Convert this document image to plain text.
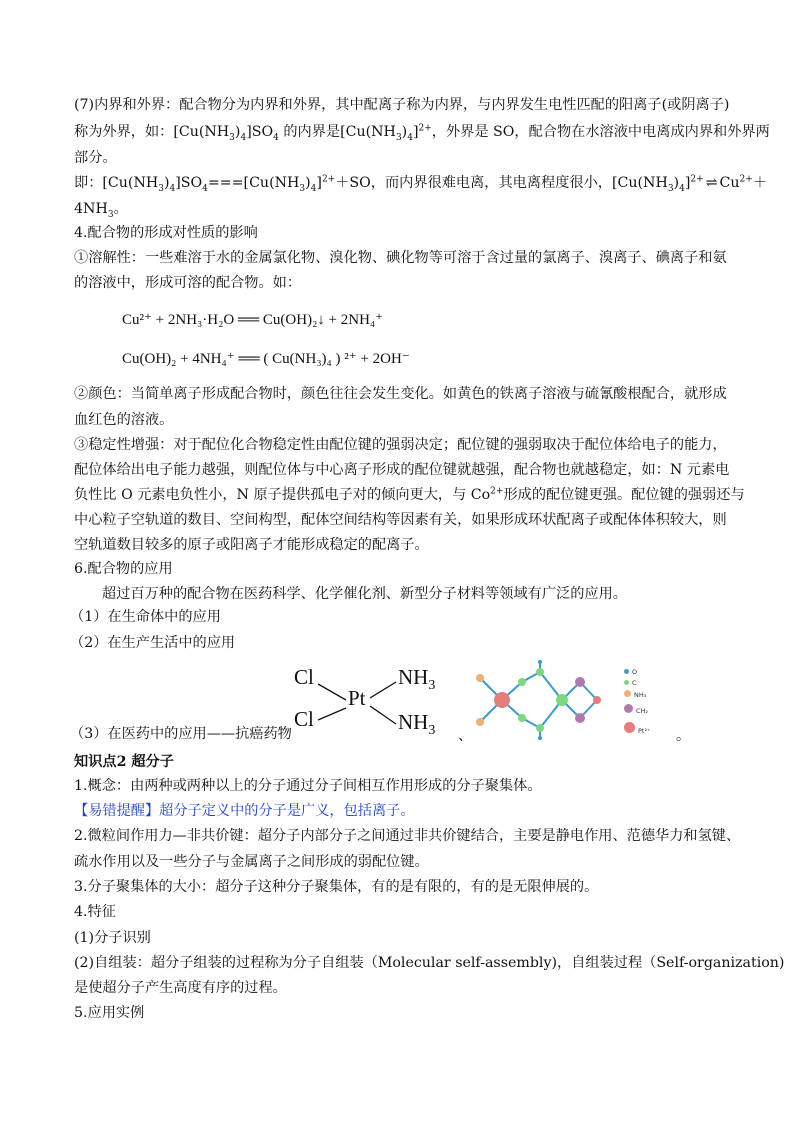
(7)内界和外界：配合物分为内界和外界，其中配离子称为内界，与内界发生电性匹配的阳离子(或阴离子)
称为外界，如：$[Cu(NH_3)_4]SO_4$ 的内界是$[Cu(NH_3)_4]^{2+}$，外界是 SO，配合物在水溶液中电离成内界和外界两
部分。
即：$[Cu(NH_3)_4]SO_4===[Cu(NH_3)_4]^{2+}+SO$，而内界很难电离，其电离程度很小，$[Cu(NH_3)_4]^{2+}$ ⇌ $Cu^{2+}+$
$4NH_3$。
4.配合物的形成对性质的影响
①溶解性：一些难溶于水的金属氯化物、溴化物、碘化物等可溶于含过量的氯离子、溴离子、碘离子和氨
的溶液中，形成可溶的配合物。如：
Cu²⁺ + 2NH₃·H₂O ══ Cu(OH)₂↓ + 2NH₄⁺
Cu(OH)₂ + 4NH₄⁺ ══ ( Cu(NH₃)₄ ) ²⁺ + 2OH⁻
②颜色：当简单离子形成配合物时，颜色往往会发生变化。如黄色的铁离子溶液与硫氰酸根配合，就形成
血红色的溶液。
③稳定性增强：对于配位化合物稳定性由配位键的强弱决定；配位键的强弱取决于配位体给电子的能力，
配位体给出电子能力越强，则配位体与中心离子形成的配位键就越强，配合物也就越稳定，如：N 元素电
负性比 O 元素电负性小，N 原子提供孤电子对的倾向更大，与 $Co^{2+}$形成的配位键更强。配位键的强弱还与
中心粒子空轨道的数目、空间构型，配体空间结构等因素有关，如果形成环状配离子或配体体积较大，则
空轨道数目较多的原子或阳离子才能形成稳定的配离子。
6.配合物的应用
超过百万种的配合物在医药科学、化学催化剂、新型分子材料等领域有广泛的应用。
（1）在生命体中的应用
（2）在生产生活中的应用
（3）在医药中的应用——抗癌药物
Cl
Cl
Pt
$NH_3$
$NH_3$ 、
O
C
NH₃
CH₂
Pt²⁺ 。
知识点2 超分子
1.概念：由两种或两种以上的分子通过分子间相互作用形成的分子聚集体。
【易错提醒】超分子定义中的分子是广义，包括离子。
2.微粒间作用力—非共价键：超分子内部分子之间通过非共价键结合，主要是静电作用、范德华力和氢键、
疏水作用以及一些分子与金属离子之间形成的弱配位键。
3.分子聚集体的大小：超分子这种分子聚集体，有的是有限的，有的是无限伸展的。
4.特征
(1)分子识别
(2)自组装：超分子组装的过程称为分子自组装（Molecular self-assembly)，自组装过程（Self-organization)
是使超分子产生高度有序的过程。
5.应用实例
